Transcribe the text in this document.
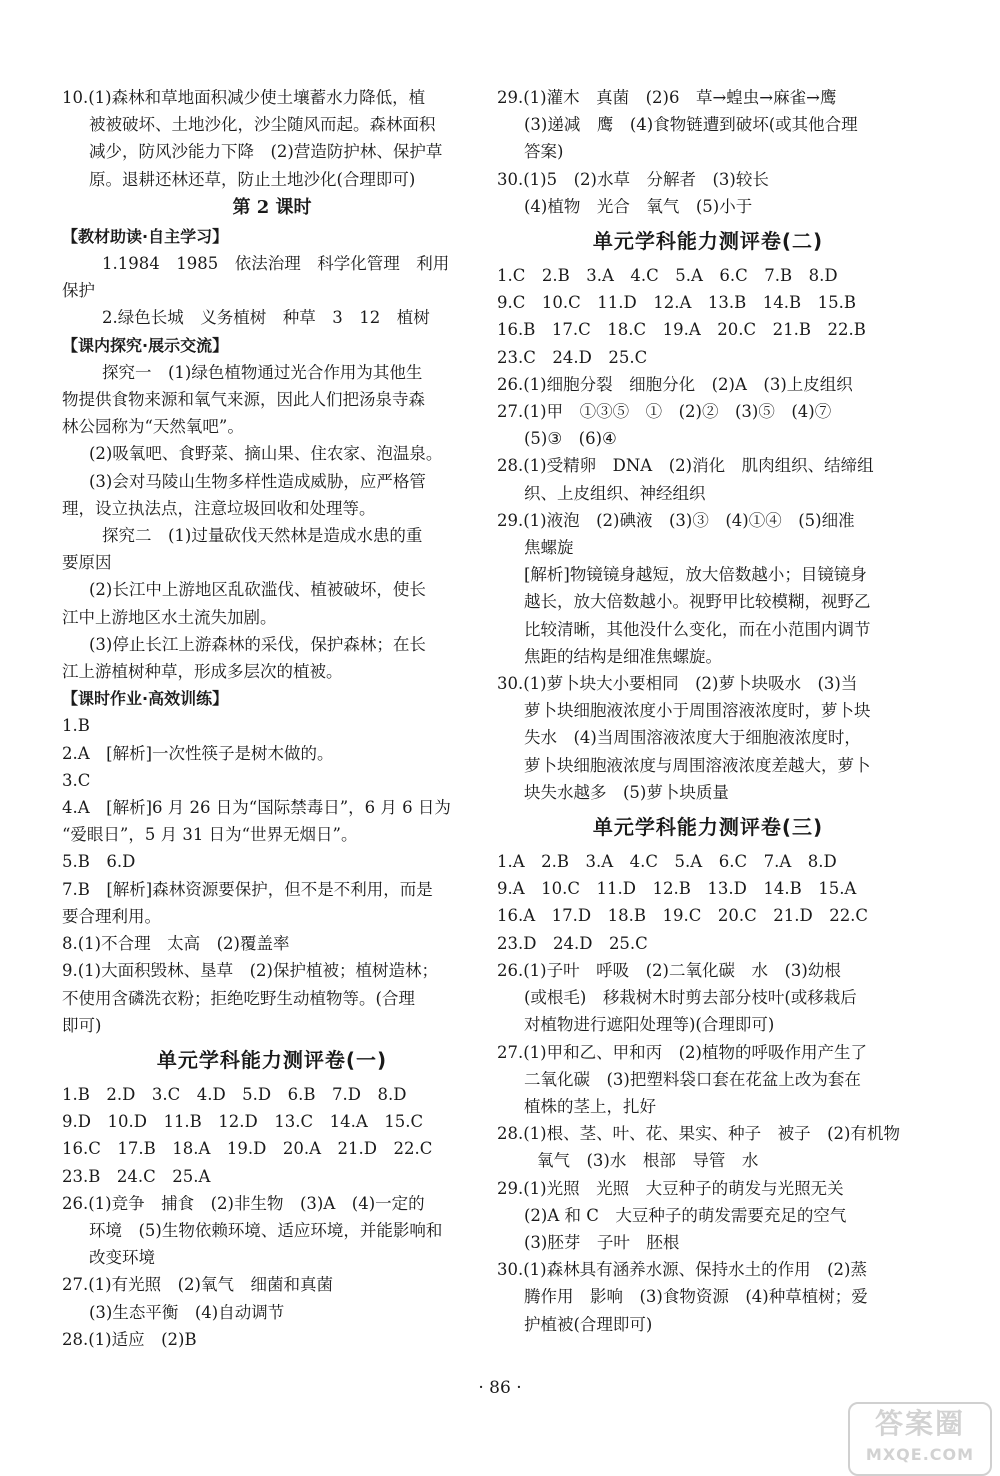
10.(1)森林和草地面积减少使土壤蓄水力降低，植
被被破坏、土地沙化，沙尘随风而起。森林面积
减少，防风沙能力下降　(2)营造防护林、保护草
原。退耕还林还草，防止土地沙化(合理即可)
第 2 课时
【教材助读·自主学习】
1.1984　1985　依法治理　科学化管理　利用
保护
2.绿色长城　义务植树　种草　3　12　植树
【课内探究·展示交流】
探究一　(1)绿色植物通过光合作用为其他生
物提供食物来源和氧气来源，因此人们把汤泉寺森
林公园称为“天然氧吧”。
(2)吸氧吧、食野菜、摘山果、住农家、泡温泉。
(3)会对马陵山生物多样性造成威胁，应严格管
理，设立执法点，注意垃圾回收和处理等。
探究二　(1)过量砍伐天然林是造成水患的重
要原因
(2)长江中上游地区乱砍滥伐、植被破坏，使长
江中上游地区水土流失加剧。
(3)停止长江上游森林的采伐，保护森林；在长
江上游植树种草，形成多层次的植被。
【课时作业·高效训练】
1.B
2.A　[解析]一次性筷子是树木做的。
3.C
4.A　[解析]6 月 26 日为“国际禁毒日”，6 月 6 日为
“爱眼日”，5 月 31 日为“世界无烟日”。
5.B　6.D
7.B　[解析]森林资源要保护，但不是不利用，而是
要合理利用。
8.(1)不合理　太高　(2)覆盖率
9.(1)大面积毁林、垦草　(2)保护植被；植树造林；
不使用含磷洗衣粉；拒绝吃野生动植物等。(合理
即可)
单元学科能力测评卷(一)
1.B　2.D　3.C　4.D　5.D　6.B　7.D　8.D
9.D　10.D　11.B　12.D　13.C　14.A　15.C
16.C　17.B　18.A　19.D　20.A　21.D　22.C
23.B　24.C　25.A
26.(1)竞争　捕食　(2)非生物　(3)A　(4)一定的
环境　(5)生物依赖环境、适应环境，并能影响和
改变环境
27.(1)有光照　(2)氧气　细菌和真菌
(3)生态平衡　(4)自动调节
28.(1)适应　(2)B
29.(1)灌木　真菌　(2)6　草→蝗虫→麻雀→鹰
(3)递减　鹰　(4)食物链遭到破坏(或其他合理
答案)
30.(1)5　(2)水草　分解者　(3)较长
(4)植物　光合　氧气　(5)小于
单元学科能力测评卷(二)
1.C　2.B　3.A　4.C　5.A　6.C　7.B　8.D
9.C　10.C　11.D　12.A　13.B　14.B　15.B
16.B　17.C　18.C　19.A　20.C　21.B　22.B
23.C　24.D　25.C
26.(1)细胞分裂　细胞分化　(2)A　(3)上皮组织
27.(1)甲　①③⑤　①　(2)②　(3)⑤　(4)⑦
(5)③　(6)④
28.(1)受精卵　DNA　(2)消化　肌肉组织、结缔组
织、上皮组织、神经组织
29.(1)液泡　(2)碘液　(3)③　(4)①④　(5)细准
焦螺旋
[解析]物镜镜身越短，放大倍数越小；目镜镜身
越长，放大倍数越小。视野甲比较模糊，视野乙
比较清晰，其他没什么变化，而在小范围内调节
焦距的结构是细准焦螺旋。
30.(1)萝卜块大小要相同　(2)萝卜块吸水　(3)当
萝卜块细胞液浓度小于周围溶液浓度时，萝卜块
失水　(4)当周围溶液浓度大于细胞液浓度时，
萝卜块细胞液浓度与周围溶液浓度差越大，萝卜
块失水越多　(5)萝卜块质量
单元学科能力测评卷(三)
1.A　2.B　3.A　4.C　5.A　6.C　7.A　8.D
9.A　10.C　11.D　12.B　13.D　14.B　15.A
16.A　17.D　18.B　19.C　20.C　21.D　22.C
23.D　24.D　25.C
26.(1)子叶　呼吸　(2)二氧化碳　水　(3)幼根
(或根毛)　移栽树木时剪去部分枝叶(或移栽后
对植物进行遮阳处理等)(合理即可)
27.(1)甲和乙、甲和丙　(2)植物的呼吸作用产生了
二氧化碳　(3)把塑料袋口套在花盆上改为套在
植株的茎上，扎好
28.(1)根、茎、叶、花、果实、种子　被子　(2)有机物
氧气　(3)水　根部　导管　水
29.(1)光照　光照　大豆种子的萌发与光照无关
(2)A 和 C　大豆种子的萌发需要充足的空气
(3)胚芽　子叶　胚根
30.(1)森林具有涵养水源、保持水土的作用　(2)蒸
腾作用　影响　(3)食物资源　(4)种草植树；爱
护植被(合理即可)
· 86 ·
答案圈
MXQE.COM
